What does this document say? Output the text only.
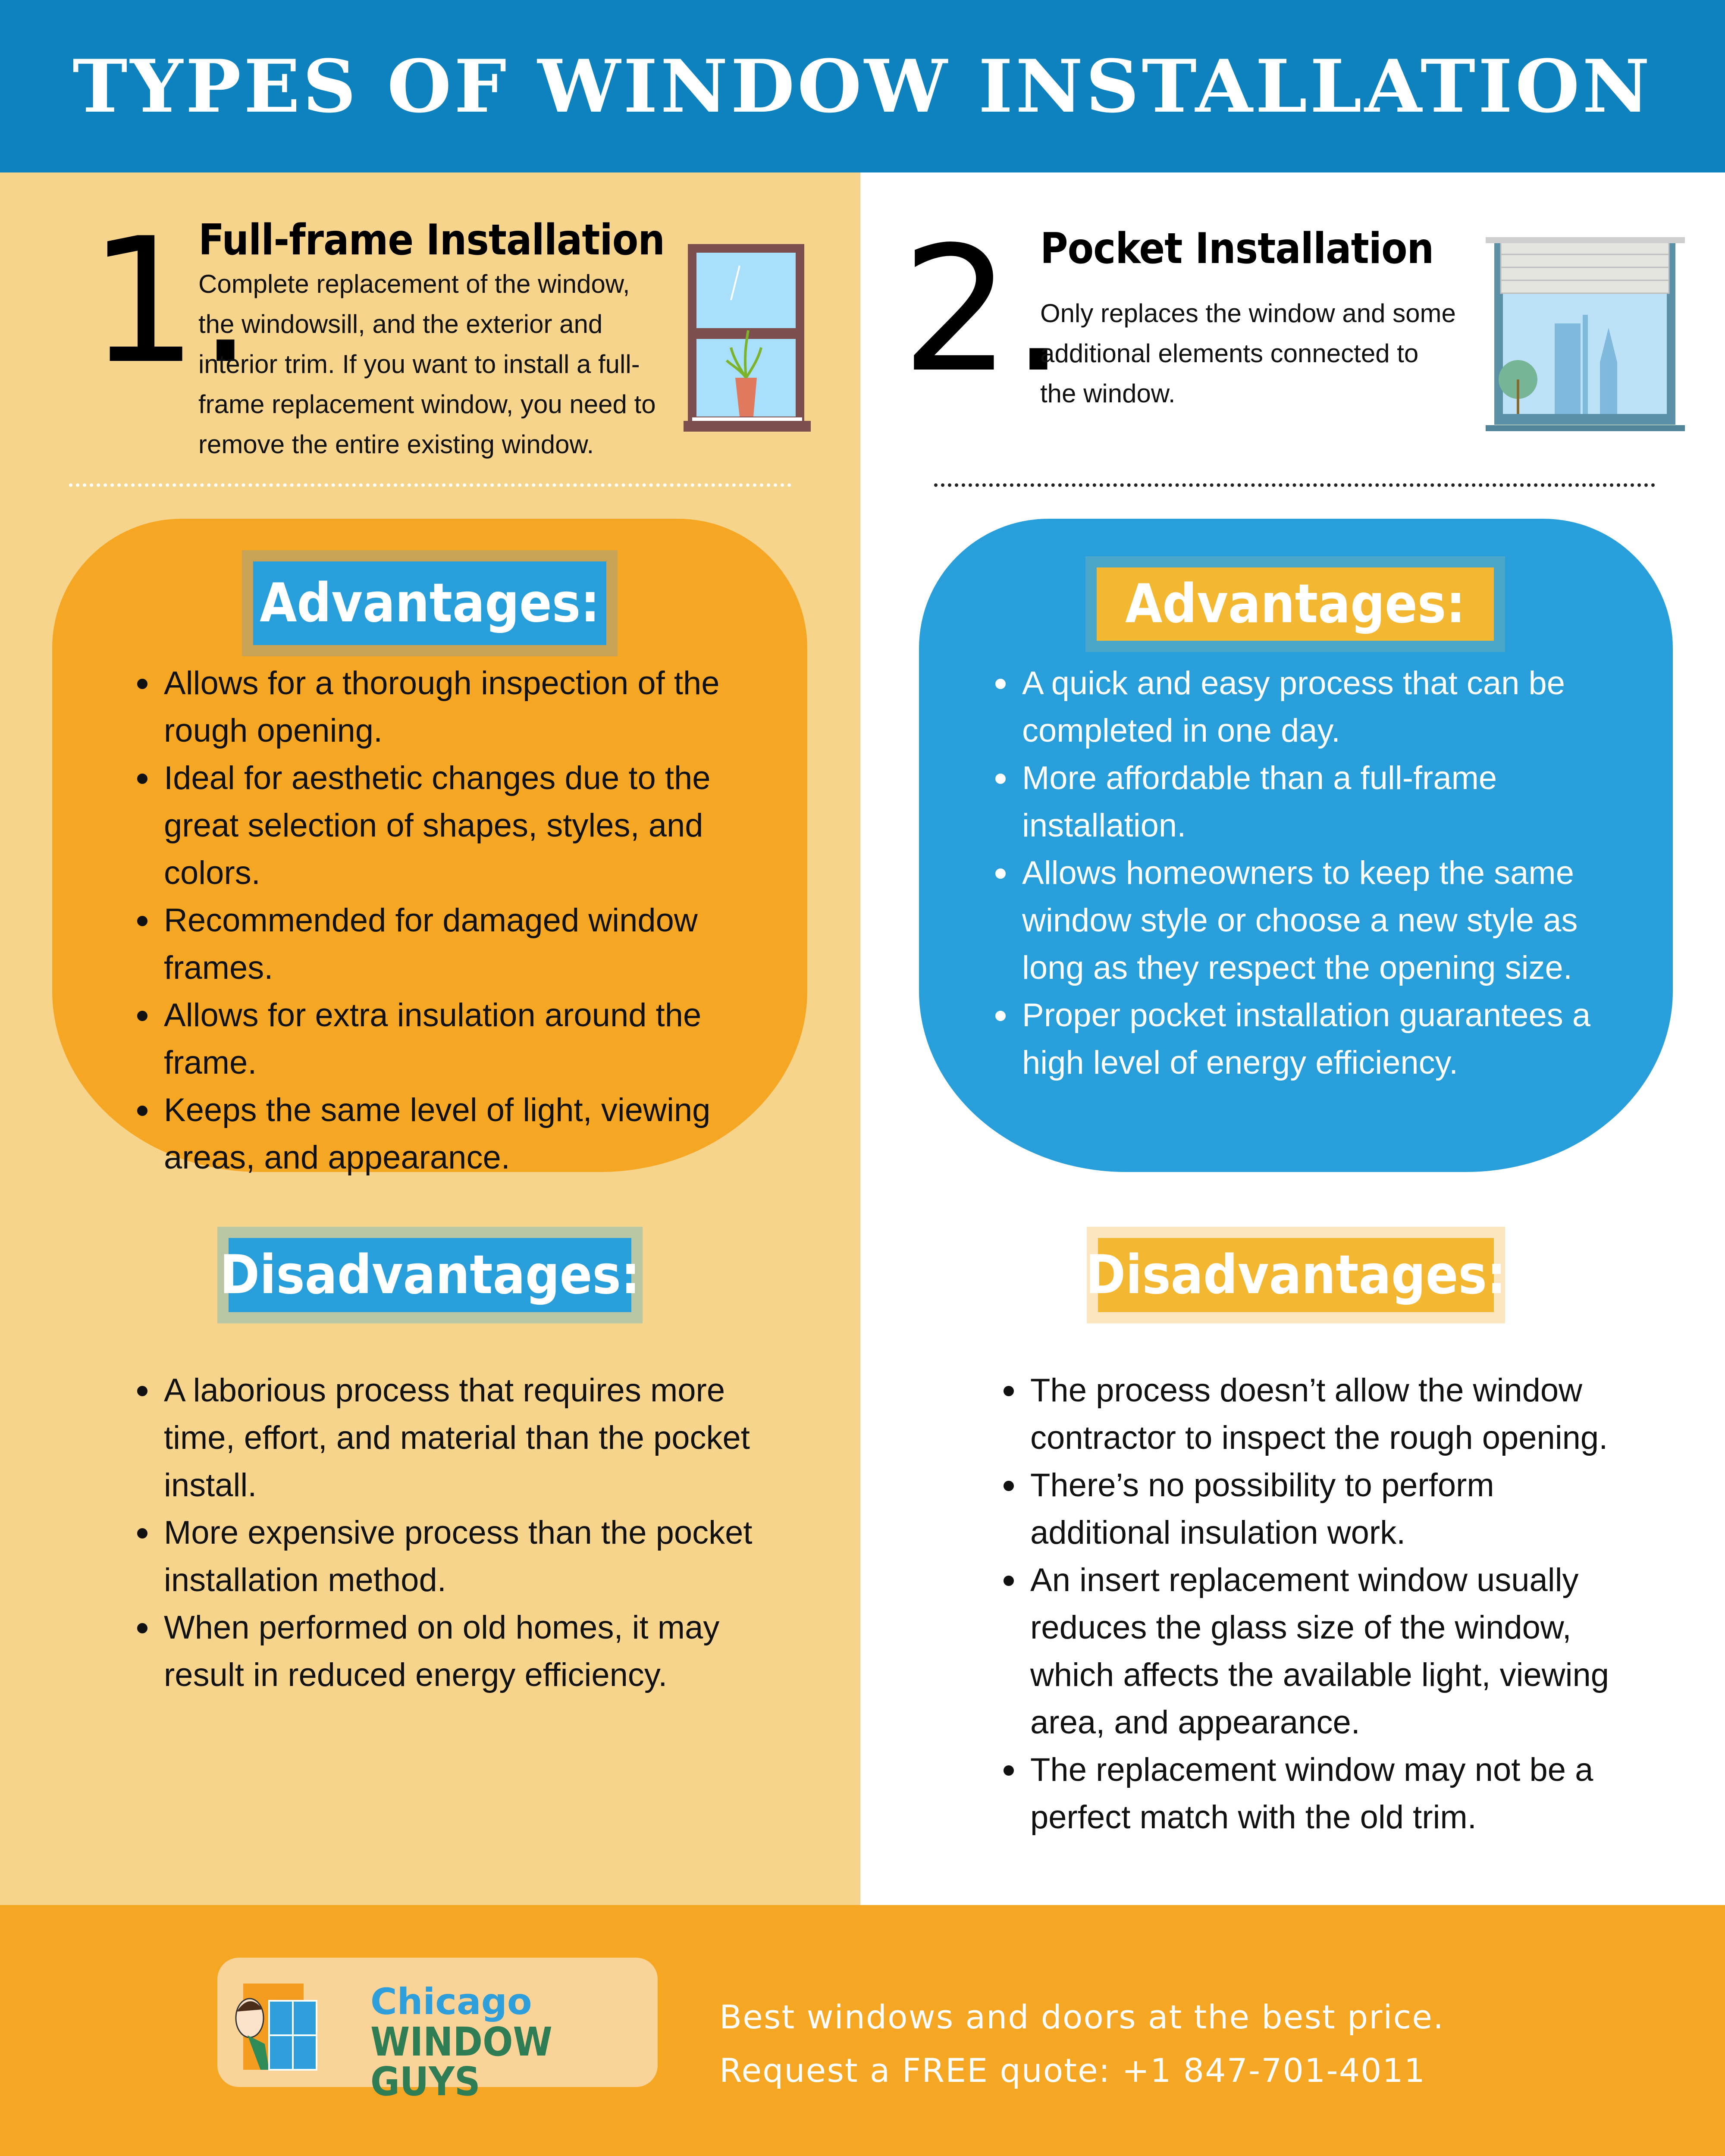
TYPES OF WINDOW INSTALLATION
1.
Full-frame Installation
Complete replacement of the window,
the windowsill, and the exterior and
interior trim. If you want to install a full-
frame replacement window, you need to
remove the entire existing window.
Advantages:
Allows for a thorough inspection of the rough opening.
Ideal for aesthetic changes due to the great selection of shapes, styles, and colors.
Recommended for damaged window frames.
Allows for extra insulation around the frame.
Keeps the same level of light, viewing areas, and appearance.
Disadvantages:
A laborious process that requires more time, effort, and material than the pocket install.
More expensive process than the pocket installation method.
When performed on old homes, it may result in reduced energy efficiency.
2.
Pocket Installation
Only replaces the window and some
additional elements connected to
the window.
Advantages:
A quick and easy process that can be completed in one day.
More affordable than a full-frame installation.
Allows homeowners to keep the same window style or choose a new style as long as they respect the opening size.
Proper pocket installation guarantees a high level of energy efficiency.
Disadvantages:
The process doesn’t allow the window contractor to inspect the rough opening.
There’s no possibility to perform additional insulation work.
An insert replacement window usually reduces the glass size of the window, which affects the available light, viewing area, and appearance.
The replacement window may not be a perfect match with the old trim.
Chicago
WINDOW GUYS
Best windows and doors at the best price.
Request a FREE quote: +1 847-701-4011
